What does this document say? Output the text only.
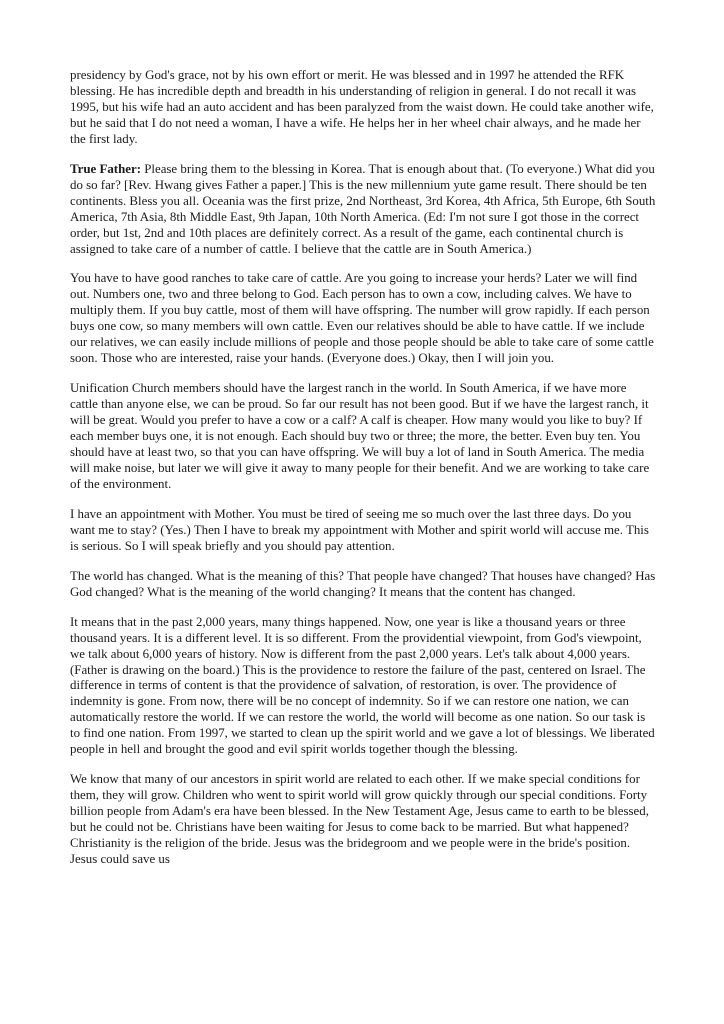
presidency by God's grace, not by his own effort or merit. He was blessed and in 1997 he attended the RFK blessing. He has incredible depth and breadth in his understanding of religion in general. I do not recall it was 1995, but his wife had an auto accident and has been paralyzed from the waist down. He could take another wife, but he said that I do not need a woman, I have a wife. He helps her in her wheel chair always, and he made her the first lady.

True Father: Please bring them to the blessing in Korea. That is enough about that. (To everyone.) What did you do so far? [Rev. Hwang gives Father a paper.] This is the new millennium yute game result. There should be ten continents. Bless you all. Oceania was the first prize, 2nd Northeast, 3rd Korea, 4th Africa, 5th Europe, 6th South America, 7th Asia, 8th Middle East, 9th Japan, 10th North America. (Ed: I'm not sure I got those in the correct order, but 1st, 2nd and 10th places are definitely correct. As a result of the game, each continental church is assigned to take care of a number of cattle. I believe that the cattle are in South America.)

You have to have good ranches to take care of cattle. Are you going to increase your herds? Later we will find out. Numbers one, two and three belong to God. Each person has to own a cow, including calves. We have to multiply them. If you buy cattle, most of them will have offspring. The number will grow rapidly. If each person buys one cow, so many members will own cattle. Even our relatives should be able to have cattle. If we include our relatives, we can easily include millions of people and those people should be able to take care of some cattle soon. Those who are interested, raise your hands. (Everyone does.) Okay, then I will join you.

Unification Church members should have the largest ranch in the world. In South America, if we have more cattle than anyone else, we can be proud. So far our result has not been good. But if we have the largest ranch, it will be great. Would you prefer to have a cow or a calf? A calf is cheaper. How many would you like to buy? If each member buys one, it is not enough. Each should buy two or three; the more, the better. Even buy ten. You should have at least two, so that you can have offspring. We will buy a lot of land in South America. The media will make noise, but later we will give it away to many people for their benefit. And we are working to take care of the environment.

I have an appointment with Mother. You must be tired of seeing me so much over the last three days. Do you want me to stay? (Yes.) Then I have to break my appointment with Mother and spirit world will accuse me. This is serious. So I will speak briefly and you should pay attention.

The world has changed. What is the meaning of this? That people have changed? That houses have changed? Has God changed? What is the meaning of the world changing? It means that the content has changed.

It means that in the past 2,000 years, many things happened. Now, one year is like a thousand years or three thousand years. It is a different level. It is so different. From the providential viewpoint, from God's viewpoint, we talk about 6,000 years of history. Now is different from the past 2,000 years. Let's talk about 4,000 years. (Father is drawing on the board.) This is the providence to restore the failure of the past, centered on Israel. The difference in terms of content is that the providence of salvation, of restoration, is over. The providence of indemnity is gone. From now, there will be no concept of indemnity. So if we can restore one nation, we can automatically restore the world. If we can restore the world, the world will become as one nation. So our task is to find one nation. From 1997, we started to clean up the spirit world and we gave a lot of blessings. We liberated people in hell and brought the good and evil spirit worlds together though the blessing.

We know that many of our ancestors in spirit world are related to each other. If we make special conditions for them, they will grow. Children who went to spirit world will grow quickly through our special conditions. Forty billion people from Adam's era have been blessed. In the New Testament Age, Jesus came to earth to be blessed, but he could not be. Christians have been waiting for Jesus to come back to be married. But what happened? Christianity is the religion of the bride. Jesus was the bridegroom and we people were in the bride's position. Jesus could save us
